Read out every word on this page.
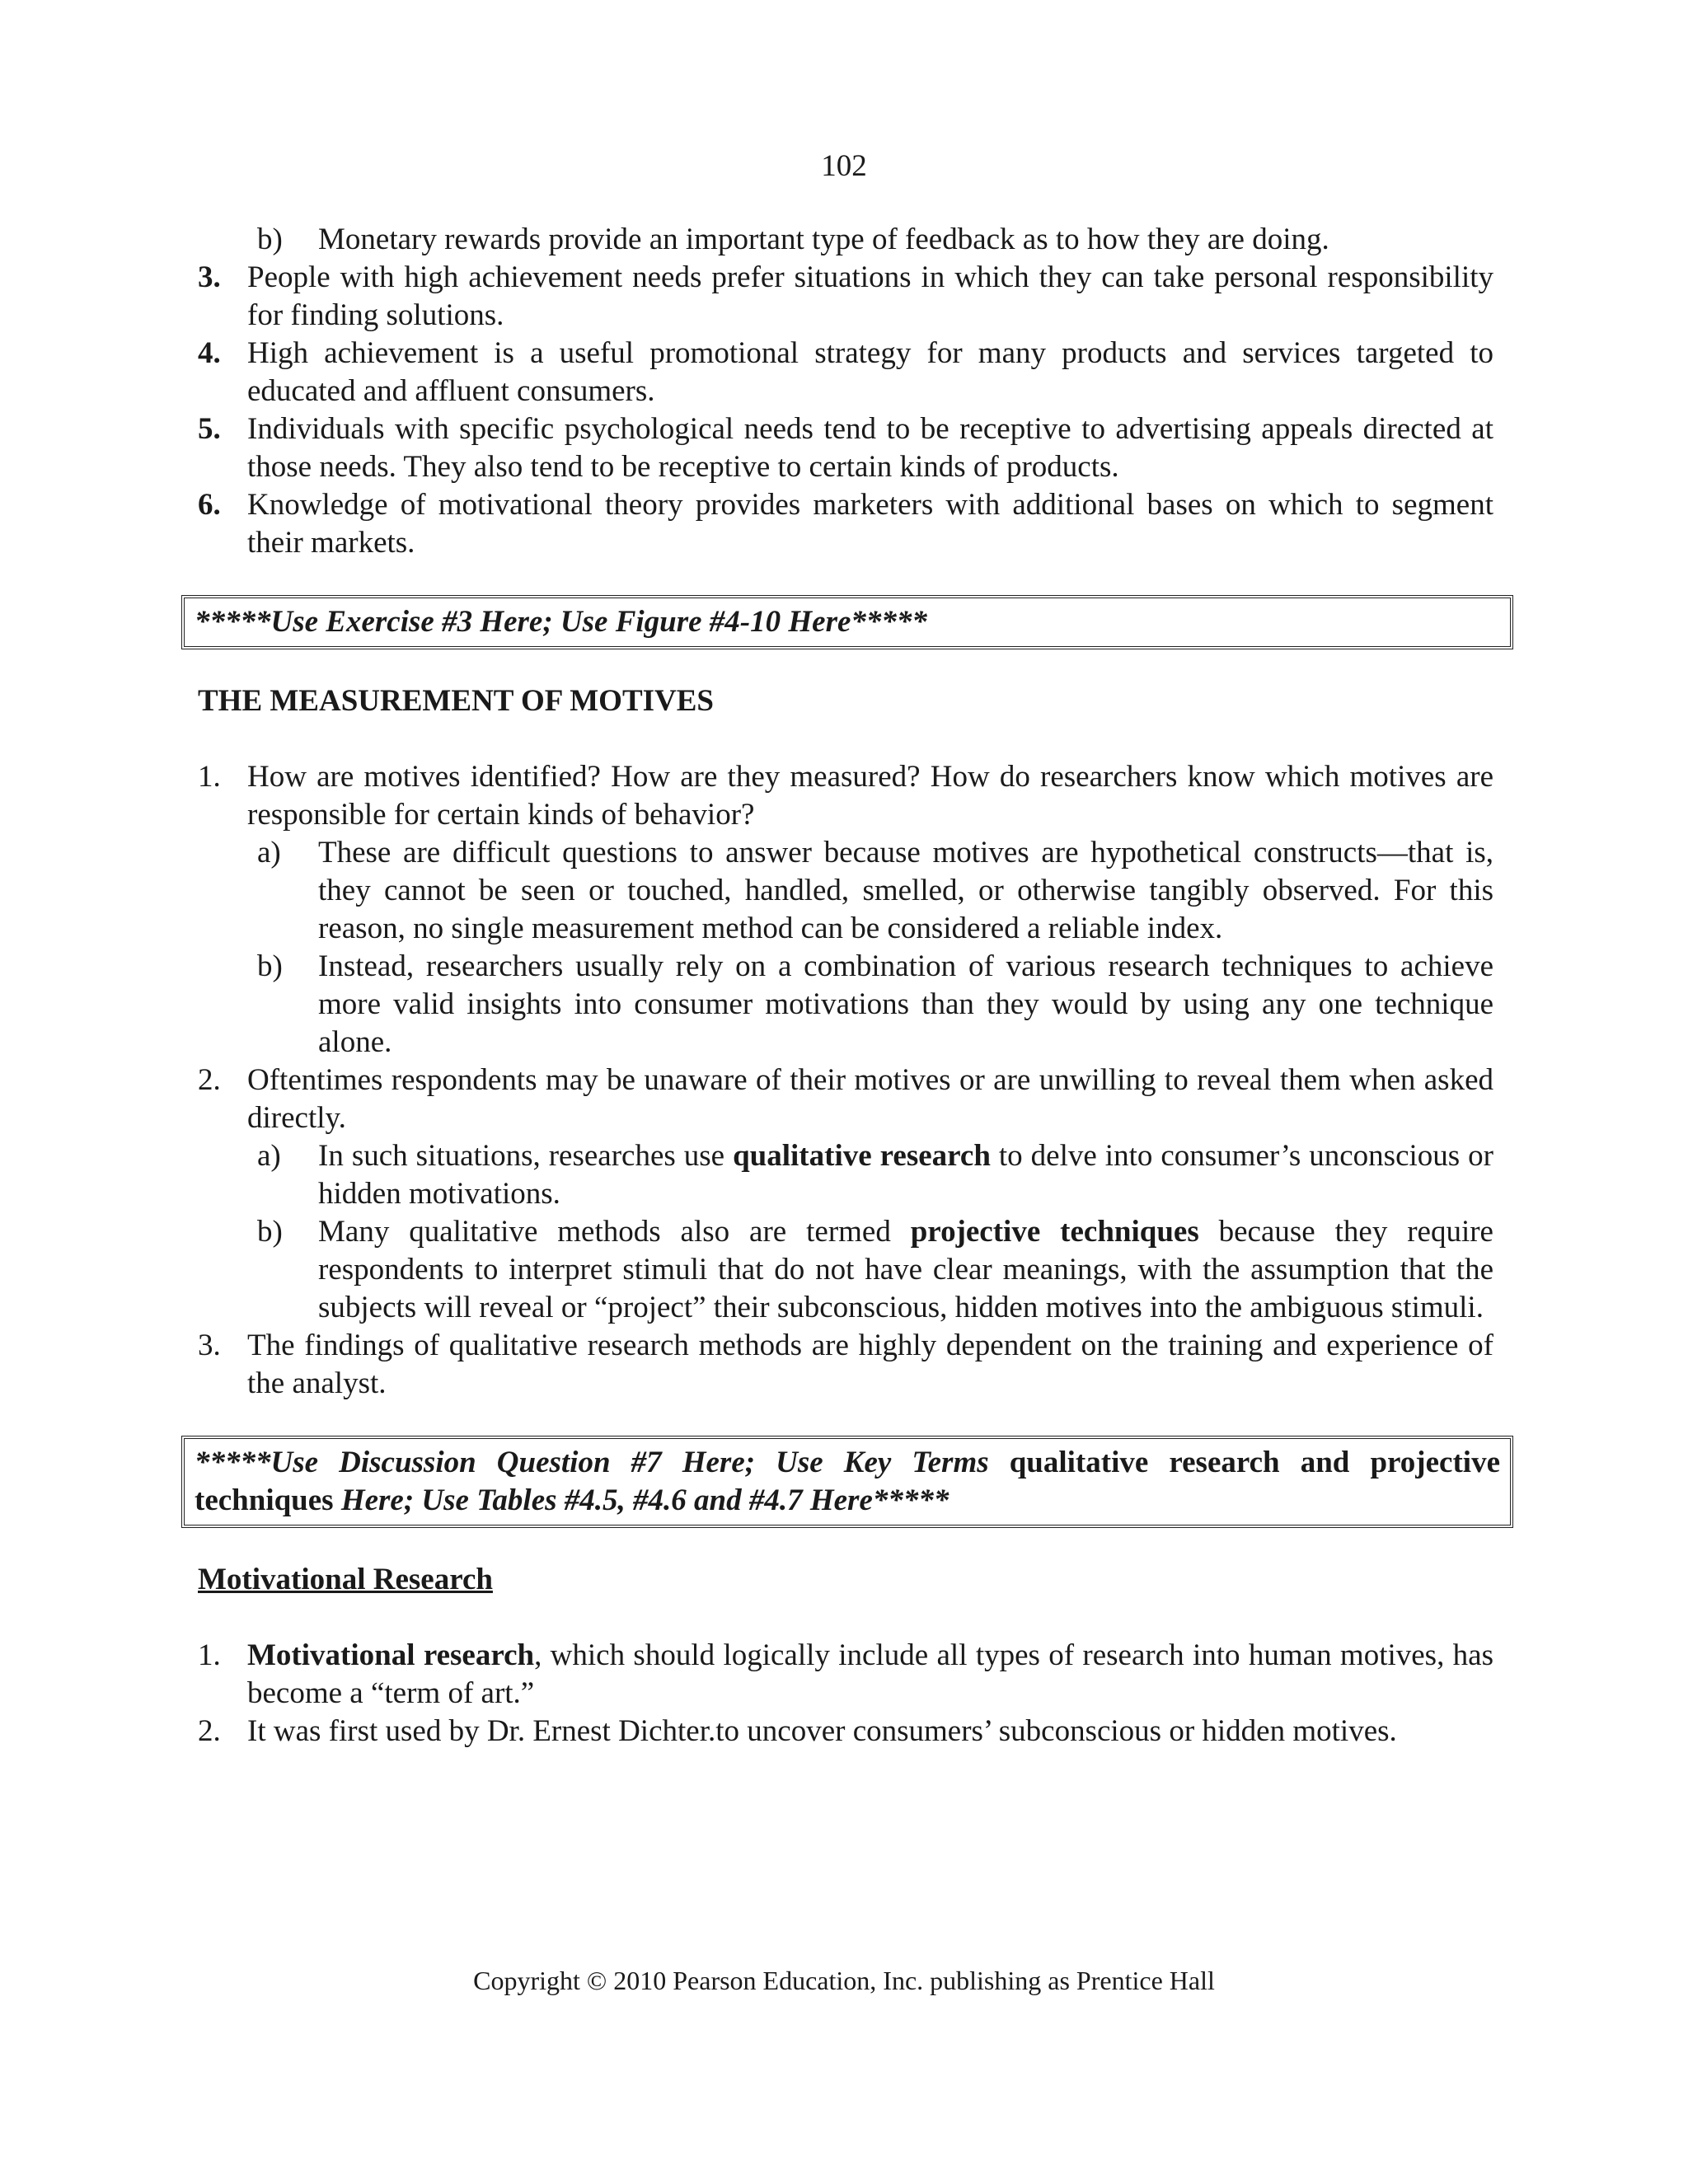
102
b) Monetary rewards provide an important type of feedback as to how they are doing.
3. People with high achievement needs prefer situations in which they can take personal responsibility for finding solutions.
4. High achievement is a useful promotional strategy for many products and services targeted to educated and affluent consumers.
5. Individuals with specific psychological needs tend to be receptive to advertising appeals directed at those needs. They also tend to be receptive to certain kinds of products.
6. Knowledge of motivational theory provides marketers with additional bases on which to segment their markets.
*****Use Exercise #3 Here; Use Figure #4-10 Here*****
THE MEASUREMENT OF MOTIVES
1. How are motives identified? How are they measured? How do researchers know which motives are responsible for certain kinds of behavior?
a) These are difficult questions to answer because motives are hypothetical constructs—that is, they cannot be seen or touched, handled, smelled, or otherwise tangibly observed. For this reason, no single measurement method can be considered a reliable index.
b) Instead, researchers usually rely on a combination of various research techniques to achieve more valid insights into consumer motivations than they would by using any one technique alone.
2. Oftentimes respondents may be unaware of their motives or are unwilling to reveal them when asked directly.
a) In such situations, researches use qualitative research to delve into consumer’s unconscious or hidden motivations.
b) Many qualitative methods also are termed projective techniques because they require respondents to interpret stimuli that do not have clear meanings, with the assumption that the subjects will reveal or “project” their subconscious, hidden motives into the ambiguous stimuli.
3. The findings of qualitative research methods are highly dependent on the training and experience of the analyst.
*****Use Discussion Question #7 Here; Use Key Terms qualitative research and projective techniques Here; Use Tables #4.5, #4.6 and #4.7 Here*****
Motivational Research
1. Motivational research, which should logically include all types of research into human motives, has become a “term of art.”
2. It was first used by Dr. Ernest Dichter.to uncover consumers’ subconscious or hidden motives.
Copyright © 2010 Pearson Education, Inc. publishing as Prentice Hall
